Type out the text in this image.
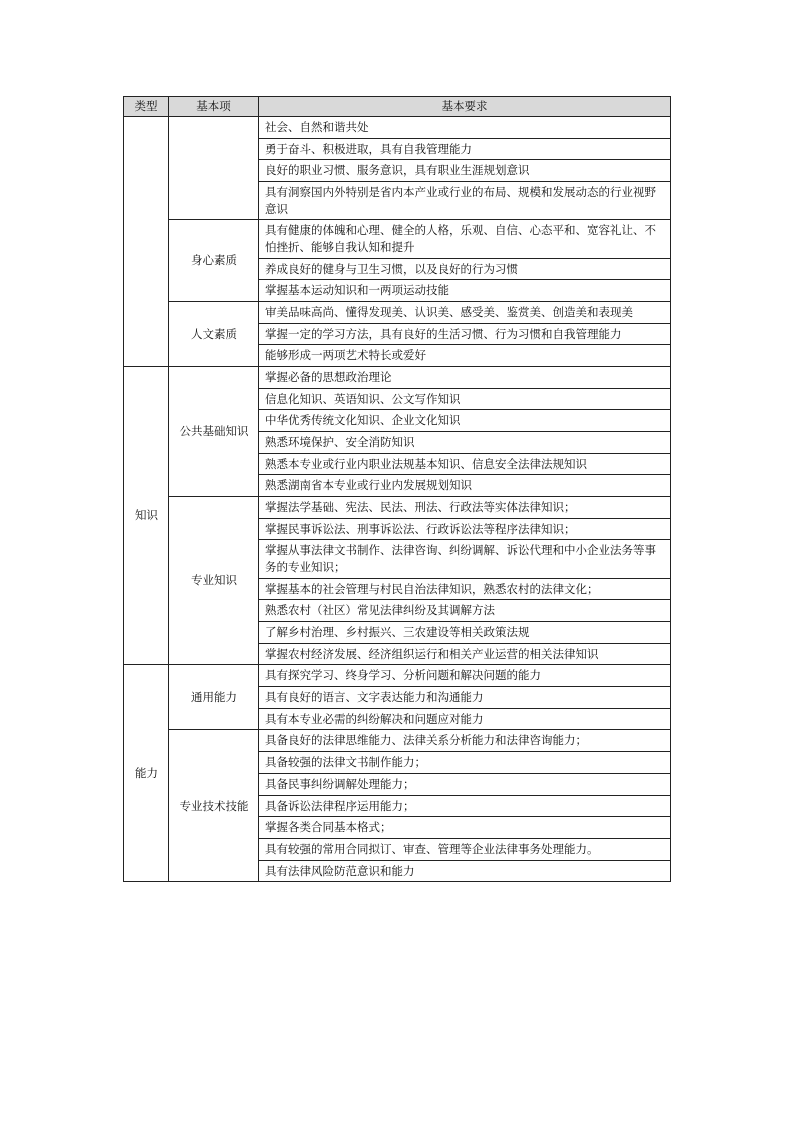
类型	基本项	基本要求
		社会、自然和谐共处
		勇于奋斗、积极进取，具有自我管理能力
		良好的职业习惯、服务意识，具有职业生涯规划意识
		具有洞察国内外特别是省内本产业或行业的布局、规模和发展动态的行业视野意识
	身心素质	具有健康的体魄和心理、健全的人格，乐观、自信、心态平和、宽容礼让、不怕挫折、能够自我认知和提升
		养成良好的健身与卫生习惯，以及良好的行为习惯
		掌握基本运动知识和一两项运动技能
	人文素质	审美品味高尚、懂得发现美、认识美、感受美、鉴赏美、创造美和表现美
		掌握一定的学习方法，具有良好的生活习惯、行为习惯和自我管理能力
		能够形成一两项艺术特长或爱好
知识	公共基础知识	掌握必备的思想政治理论
		信息化知识、英语知识、公文写作知识
		中华优秀传统文化知识、企业文化知识
		熟悉环境保护、安全消防知识
		熟悉本专业或行业内职业法规基本知识、信息安全法律法规知识
		熟悉湖南省本专业或行业内发展规划知识
	专业知识	掌握法学基础、宪法、民法、刑法、行政法等实体法律知识；
		掌握民事诉讼法、刑事诉讼法、行政诉讼法等程序法律知识；
		掌握从事法律文书制作、法律咨询、纠纷调解、诉讼代理和中小企业法务等事务的专业知识；
		掌握基本的社会管理与村民自治法律知识，熟悉农村的法律文化；
		熟悉农村（社区）常见法律纠纷及其调解方法
		了解乡村治理、乡村振兴、三农建设等相关政策法规
		掌握农村经济发展、经济组织运行和相关产业运营的相关法律知识
能力	通用能力	具有探究学习、终身学习、分析问题和解决问题的能力
		具有良好的语言、文字表达能力和沟通能力
		具有本专业必需的纠纷解决和问题应对能力
	专业技术技能	具备良好的法律思维能力、法律关系分析能力和法律咨询能力；
		具备较强的法律文书制作能力；
		具备民事纠纷调解处理能力；
		具备诉讼法律程序运用能力；
		掌握各类合同基本格式；
		具有较强的常用合同拟订、审查、管理等企业法律事务处理能力。
		具有法律风险防范意识和能力
